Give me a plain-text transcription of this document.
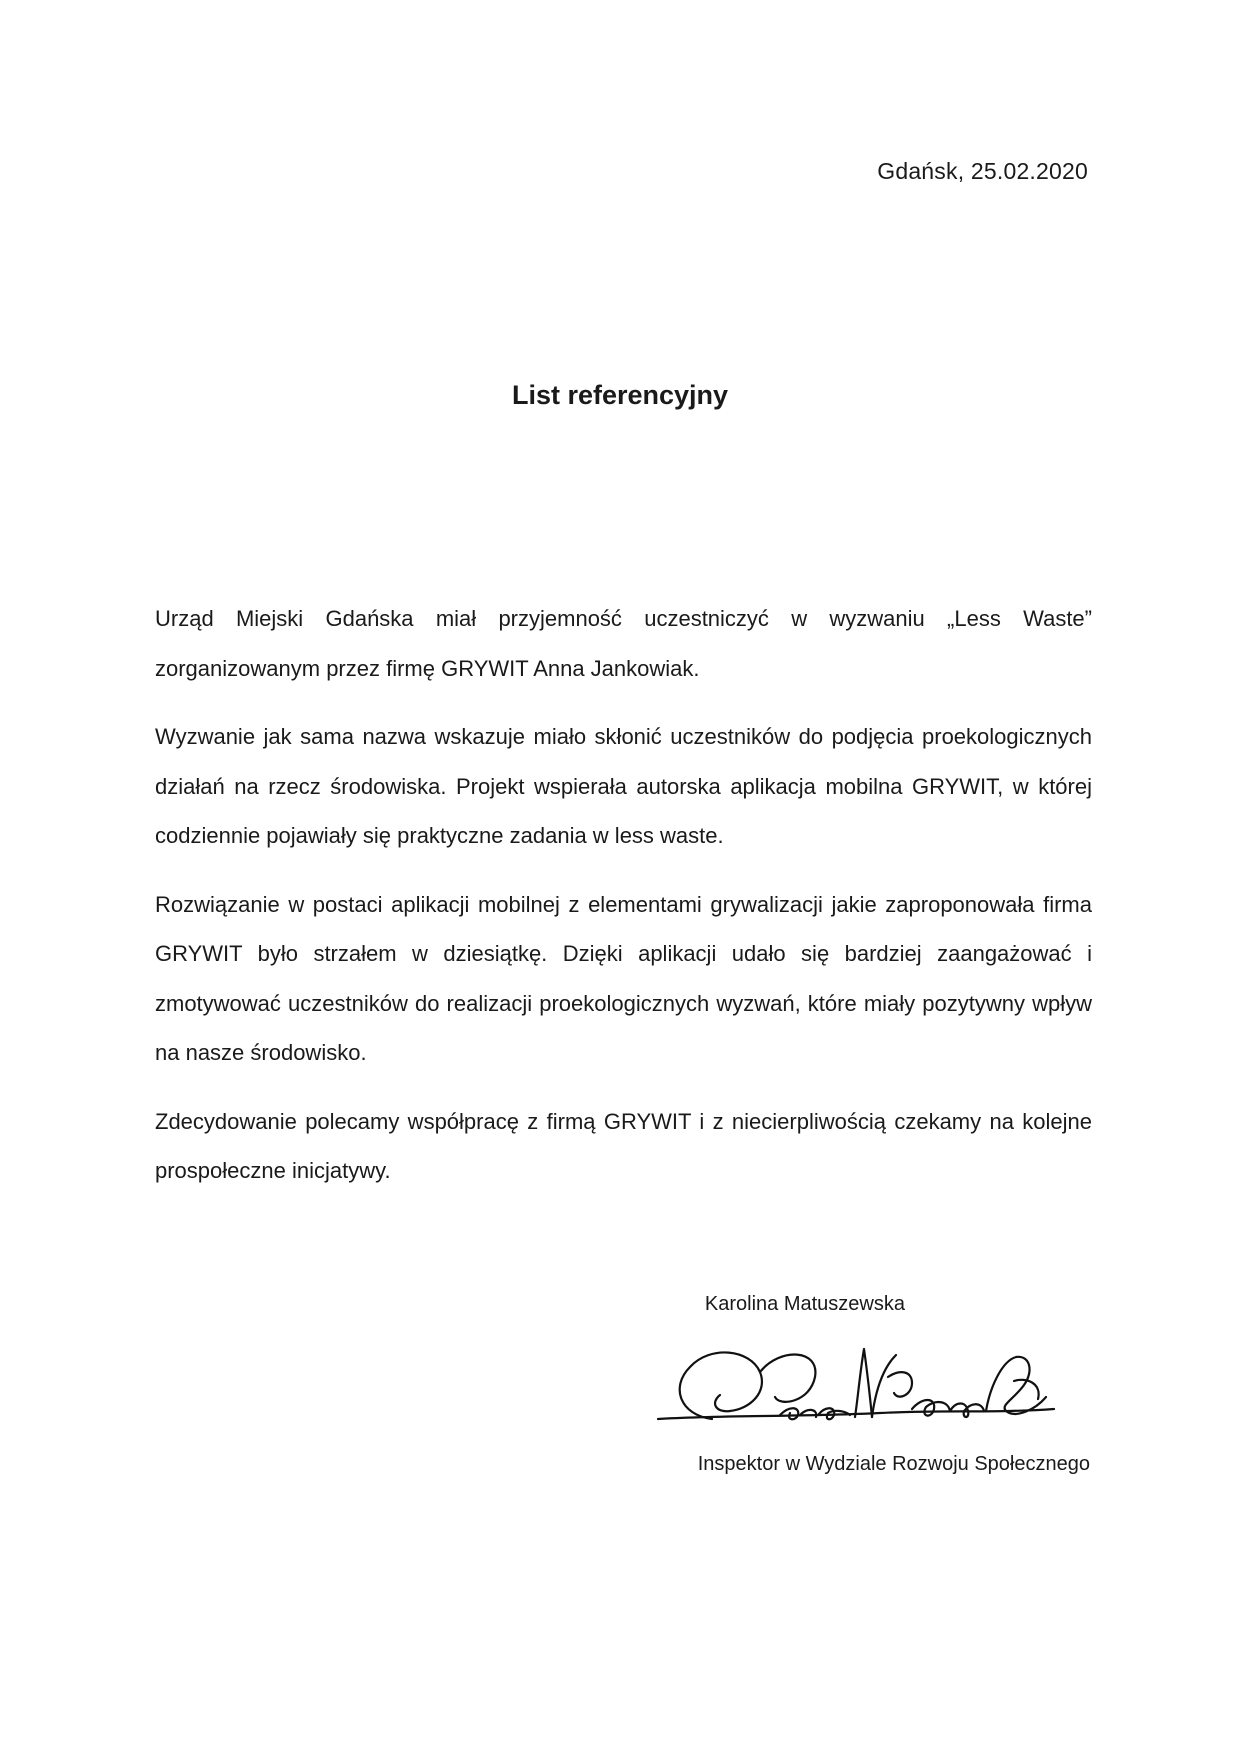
Gdańsk, 25.02.2020
List referencyjny

Urząd Miejski Gdańska miał przyjemność uczestniczyć w wyzwaniu „Less Waste” zorganizowanym przez firmę GRYWIT Anna Jankowiak.

Wyzwanie jak sama nazwa wskazuje miało skłonić uczestników do podjęcia proekologicznych działań na rzecz środowiska. Projekt wspierała autorska aplikacja mobilna GRYWIT, w której codziennie pojawiały się praktyczne zadania w less waste.

Rozwiązanie w postaci aplikacji mobilnej z elementami grywalizacji jakie zaproponowała firma GRYWIT było strzałem w dziesiątkę. Dzięki aplikacji udało się bardziej zaangażować i zmotywować uczestników do realizacji proekologicznych wyzwań, które miały pozytywny wpływ na nasze środowisko.

Zdecydowanie polecamy współpracę z firmą GRYWIT i z niecierpliwością czekamy na kolejne prospołeczne inicjatywy.

Karolina Matuszewska
Inspektor w Wydziale Rozwoju Społecznego
